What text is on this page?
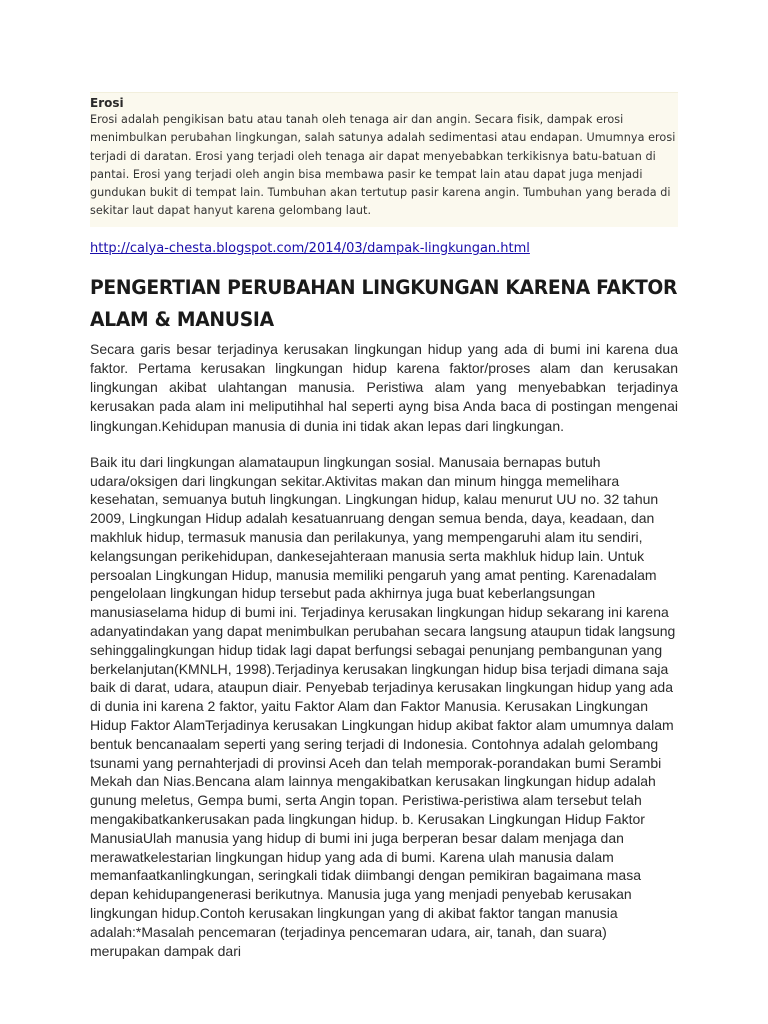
Erosi

Erosi adalah pengikisan batu atau tanah oleh tenaga air dan angin. Secara fisik, dampak erosi menimbulkan perubahan lingkungan, salah satunya adalah sedimentasi atau endapan. Umumnya erosi terjadi di daratan. Erosi yang terjadi oleh tenaga air dapat menyebabkan terkikisnya batu-batuan di pantai. Erosi yang terjadi oleh angin bisa membawa pasir ke tempat lain atau dapat juga menjadi gundukan bukit di tempat lain. Tumbuhan akan tertutup pasir karena angin. Tumbuhan yang berada di sekitar laut dapat hanyut karena gelombang laut.

http://calya-chesta.blogspot.com/2014/03/dampak-lingkungan.html
PENGERTIAN PERUBAHAN LINGKUNGAN KARENA FAKTOR ALAM & MANUSIA

Secara garis besar terjadinya kerusakan lingkungan hidup yang ada di bumi ini karena dua faktor. Pertama kerusakan lingkungan hidup karena faktor/proses alam dan kerusakan lingkungan akibat ulahtangan manusia. Peristiwa alam yang menyebabkan terjadinya kerusakan pada alam ini meliputihhal hal seperti ayng bisa Anda baca di postingan mengenai lingkungan.Kehidupan manusia di dunia ini tidak akan lepas dari lingkungan.

Baik itu dari lingkungan alamataupun lingkungan sosial. Manusaia bernapas butuh udara/oksigen dari lingkungan sekitar.Aktivitas makan dan minum hingga memelihara kesehatan, semuanya butuh lingkungan. Lingkungan hidup, kalau menurut UU no. 32 tahun 2009, Lingkungan Hidup adalah kesatuanruang dengan semua benda, daya, keadaan, dan makhluk hidup, termasuk manusia dan perilakunya, yang mempengaruhi alam itu sendiri, kelangsungan perikehidupan, dankesejahteraan manusia serta makhluk hidup lain. Untuk persoalan Lingkungan Hidup, manusia memiliki pengaruh yang amat penting. Karenadalam pengelolaan lingkungan hidup tersebut pada akhirnya juga buat keberlangsungan manusiaselama hidup di bumi ini. Terjadinya kerusakan lingkungan hidup sekarang ini karena adanyatindakan yang dapat menimbulkan perubahan secara langsung ataupun tidak langsung sehinggalingkungan hidup tidak lagi dapat berfungsi sebagai penunjang pembangunan yang berkelanjutan(KMNLH, 1998).Terjadinya kerusakan lingkungan hidup bisa terjadi dimana saja baik di darat, udara, ataupun diair. Penyebab terjadinya kerusakan lingkungan hidup yang ada di dunia ini karena 2 faktor, yaitu Faktor Alam dan Faktor Manusia. Kerusakan Lingkungan Hidup Faktor AlamTerjadinya kerusakan Lingkungan hidup akibat faktor alam umumnya dalam bentuk bencanaalam seperti yang sering terjadi di Indonesia. Contohnya adalah gelombang tsunami yang pernahterjadi di provinsi Aceh dan telah memporak-porandakan bumi Serambi Mekah dan Nias.Bencana alam lainnya mengakibatkan kerusakan lingkungan hidup adalah gunung meletus, Gempa bumi, serta Angin topan. Peristiwa-peristiwa alam tersebut telah mengakibatkankerusakan pada lingkungan hidup. b. Kerusakan Lingkungan Hidup Faktor ManusiaUlah manusia yang hidup di bumi ini juga berperan besar dalam menjaga dan merawatkelestarian lingkungan hidup yang ada di bumi. Karena ulah manusia dalam memanfaatkanlingkungan, seringkali tidak diimbangi dengan pemikiran bagaimana masa depan kehidupangenerasi berikutnya. Manusia juga yang menjadi penyebab kerusakan lingkungan hidup.Contoh kerusakan lingkungan yang di akibat faktor tangan manusia adalah:*Masalah pencemaran (terjadinya pencemaran udara, air, tanah, dan suara) merupakan dampak dari
